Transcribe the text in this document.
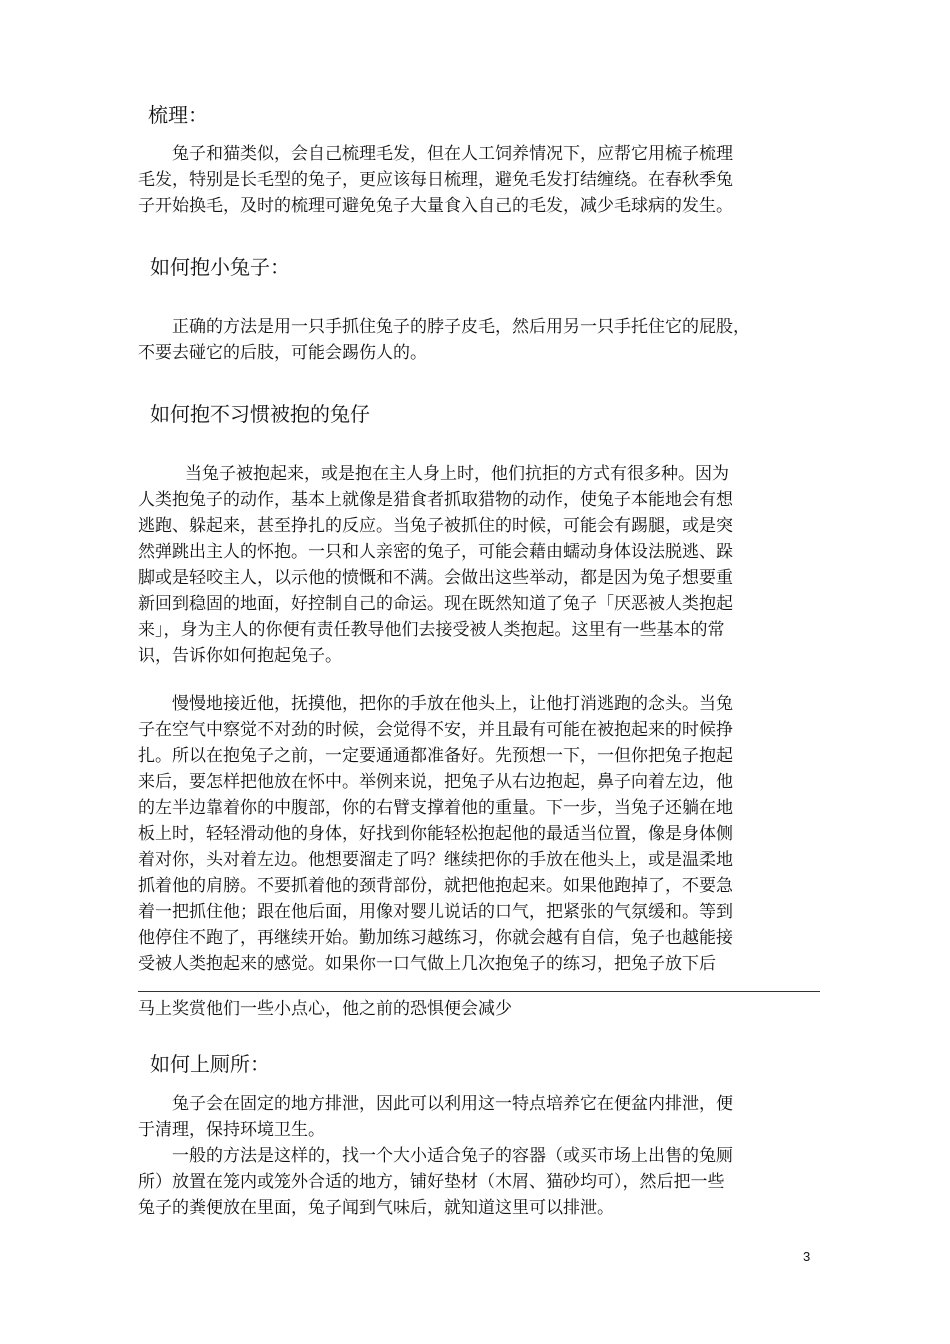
梳理：
兔子和猫类似，会自己梳理毛发，但在人工饲养情况下，应帮它用梳子梳理
毛发，特别是长毛型的兔子，更应该每日梳理，避免毛发打结缠绕。在春秋季兔
子开始换毛，及时的梳理可避免兔子大量食入自己的毛发，减少毛球病的发生。
如何抱小兔子：
正确的方法是用一只手抓住兔子的脖子皮毛，然后用另一只手托住它的屁股，
不要去碰它的后肢，可能会踢伤人的。
如何抱不习惯被抱的兔仔
当兔子被抱起来，或是抱在主人身上时，他们抗拒的方式有很多种。因为
人类抱兔子的动作，基本上就像是猎食者抓取猎物的动作，使兔子本能地会有想
逃跑、躲起来，甚至挣扎的反应。当兔子被抓住的时候，可能会有踢腿，或是突
然弹跳出主人的怀抱。一只和人亲密的兔子，可能会藉由蠕动身体设法脱逃、跺
脚或是轻咬主人，以示他的愤慨和不满。会做出这些举动，都是因为兔子想要重
新回到稳固的地面，好控制自己的命运。现在既然知道了兔子「厌恶被人类抱起
来」，身为主人的你便有责任教导他们去接受被人类抱起。这里有一些基本的常
识，告诉你如何抱起兔子。
慢慢地接近他，抚摸他，把你的手放在他头上，让他打消逃跑的念头。当兔
子在空气中察觉不对劲的时候，会觉得不安，并且最有可能在被抱起来的时候挣
扎。所以在抱兔子之前，一定要通通都准备好。先预想一下，一但你把兔子抱起
来后，要怎样把他放在怀中。举例来说，把兔子从右边抱起，鼻子向着左边，他
的左半边靠着你的中腹部，你的右臂支撑着他的重量。下一步，当兔子还躺在地
板上时，轻轻滑动他的身体，好找到你能轻松抱起他的最适当位置，像是身体侧
着对你，头对着左边。他想要溜走了吗？继续把你的手放在他头上，或是温柔地
抓着他的肩膀。不要抓着他的颈背部份，就把他抱起来。如果他跑掉了，不要急
着一把抓住他；跟在他后面，用像对婴儿说话的口气，把紧张的气氛缓和。等到
他停住不跑了，再继续开始。勤加练习越练习，你就会越有自信，兔子也越能接
受被人类抱起来的感觉。如果你一口气做上几次抱兔子的练习，把兔子放下后
马上奖赏他们一些小点心，他之前的恐惧便会减少
如何上厕所：
兔子会在固定的地方排泄，因此可以利用这一特点培养它在便盆内排泄，便
于清理，保持环境卫生。
一般的方法是这样的，找一个大小适合兔子的容器（或买市场上出售的兔厕
所）放置在笼内或笼外合适的地方，铺好垫材（木屑、猫砂均可），然后把一些
兔子的粪便放在里面，兔子闻到气味后，就知道这里可以排泄。
3
